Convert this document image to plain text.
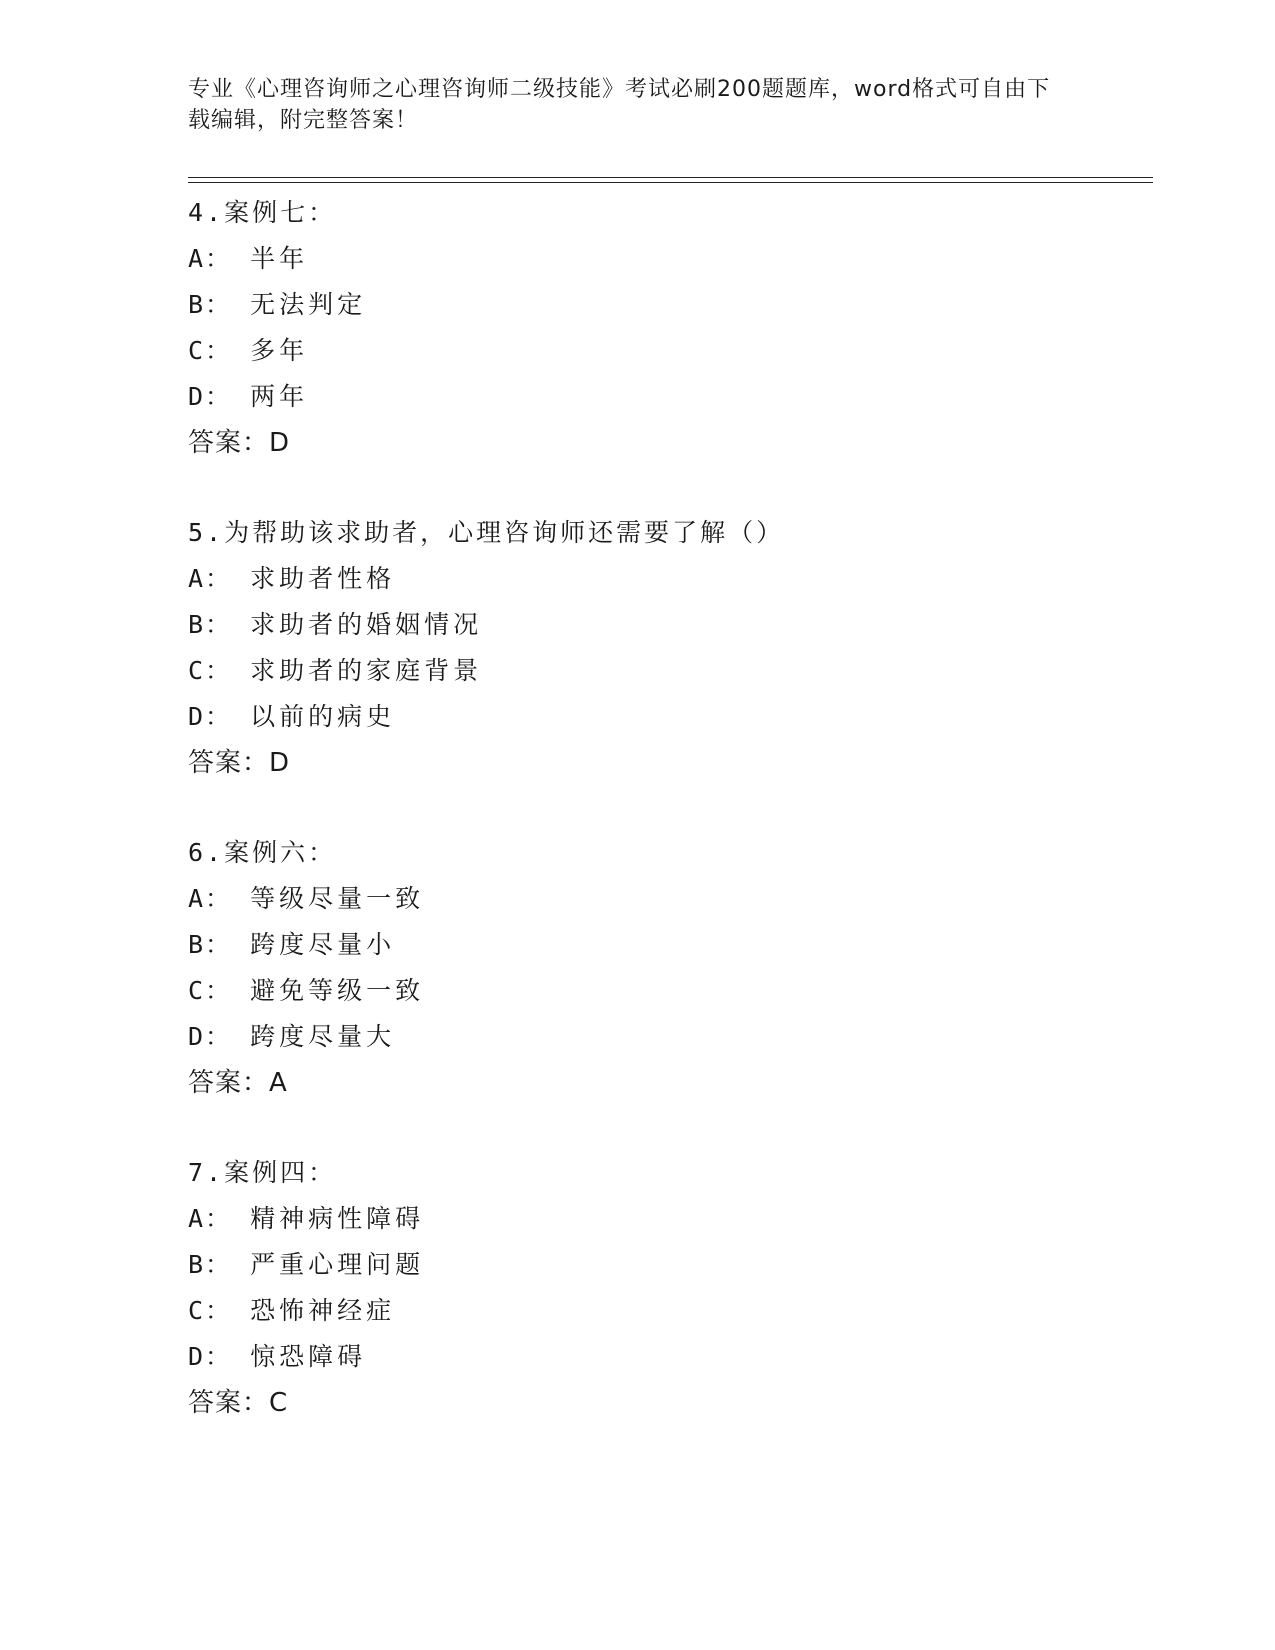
专业《心理咨询师之心理咨询师二级技能》考试必刷200题题库，word格式可自由下载编辑，附完整答案！
4.案例七：
A： 半年
B： 无法判定
C： 多年
D： 两年
答案：D
5.为帮助该求助者，心理咨询师还需要了解（）
A： 求助者性格
B： 求助者的婚姻情况
C： 求助者的家庭背景
D： 以前的病史
答案：D
6.案例六：
A： 等级尽量一致
B： 跨度尽量小
C： 避免等级一致
D： 跨度尽量大
答案：A
7.案例四：
A： 精神病性障碍
B： 严重心理问题
C： 恐怖神经症
D： 惊恐障碍
答案：C
